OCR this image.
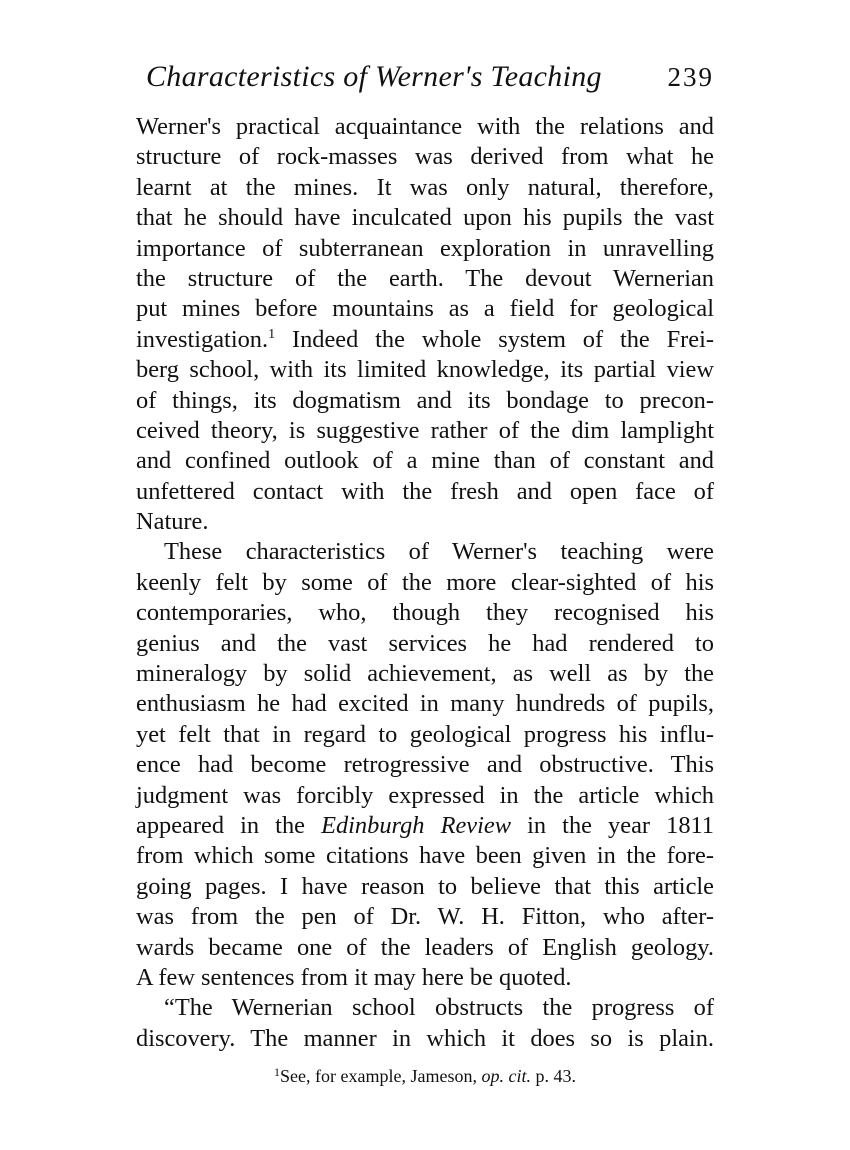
Characteristics of Werner's Teaching 239
Werner's practical acquaintance with the relations and
structure of rock-masses was derived from what he
learnt at the mines. It was only natural, therefore,
that he should have inculcated upon his pupils the vast
importance of subterranean exploration in unravelling
the structure of the earth. The devout Wernerian
put mines before mountains as a field for geological
investigation.$^1$ Indeed the whole system of the Frei-
berg school, with its limited knowledge, its partial view
of things, its dogmatism and its bondage to precon-
ceived theory, is suggestive rather of the dim lamplight
and confined outlook of a mine than of constant and
unfettered contact with the fresh and open face of
Nature.
These characteristics of Werner's teaching were
keenly felt by some of the more clear-sighted of his
contemporaries, who, though they recognised his
genius and the vast services he had rendered to
mineralogy by solid achievement, as well as by the
enthusiasm he had excited in many hundreds of pupils,
yet felt that in regard to geological progress his influ-
ence had become retrogressive and obstructive. This
judgment was forcibly expressed in the article which
appeared in the Edinburgh Review in the year 1811
from which some citations have been given in the fore-
going pages. I have reason to believe that this article
was from the pen of Dr. W. H. Fitton, who after-
wards became one of the leaders of English geology.
A few sentences from it may here be quoted.
“The Wernerian school obstructs the progress of
discovery. The manner in which it does so is plain.
$^1$See, for example, Jameson, op. cit. p. 43.
